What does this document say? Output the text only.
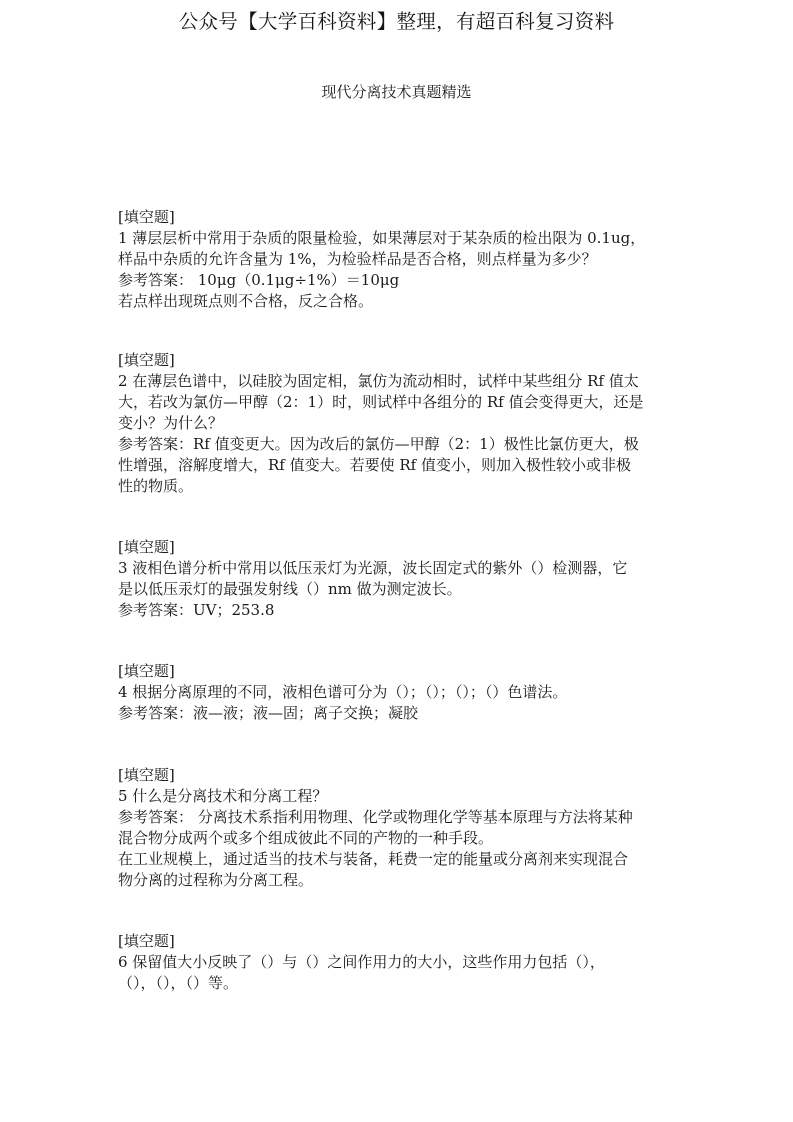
公众号【大学百科资料】整理，有超百科复习资料
现代分离技术真题精选
[填空题]
1 薄层层析中常用于杂质的限量检验，如果薄层对于某杂质的检出限为 0.1ug，
样品中杂质的允许含量为 1%，为检验样品是否合格，则点样量为多少？
参考答案： 10μg（0.1μg÷1%）＝10μg
若点样出现斑点则不合格，反之合格。
[填空题]
2 在薄层色谱中，以硅胶为固定相，氯仿为流动相时，试样中某些组分 Rf 值太
大，若改为氯仿—甲醇（2：1）时，则试样中各组分的 Rf 值会变得更大，还是
变小？为什么？
参考答案：Rf 值变更大。因为改后的氯仿—甲醇（2：1）极性比氯仿更大，极
性增强，溶解度增大，Rf 值变大。若要使 Rf 值变小，则加入极性较小或非极
性的物质。
[填空题]
3 液相色谱分析中常用以低压汞灯为光源，波长固定式的紫外（）检测器，它
是以低压汞灯的最强发射线（）nm 做为测定波长。
参考答案：UV；253.8
[填空题]
4 根据分离原理的不同，液相色谱可分为（）；（）；（）；（）色谱法。
参考答案：液—液；液—固；离子交换；凝胶
[填空题]
5 什么是分离技术和分离工程？
参考答案： 分离技术系指利用物理、化学或物理化学等基本原理与方法将某种
混合物分成两个或多个组成彼此不同的产物的一种手段。
在工业规模上，通过适当的技术与装备，耗费一定的能量或分离剂来实现混合
物分离的过程称为分离工程。
[填空题]
6 保留值大小反映了（）与（）之间作用力的大小，这些作用力包括（），
（），（），（）等。
